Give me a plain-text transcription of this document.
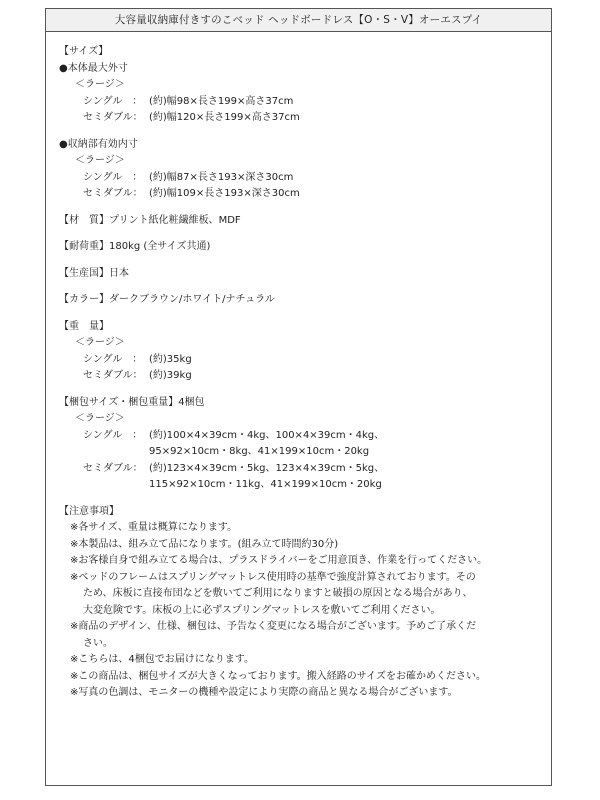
大容量収納庫付きすのこベッド ヘッドボードレス【O・S・V】オーエスプイ
【サイズ】
●本体最大外寸
＜ラージ＞
シングル　： (約)幅98×長さ199×高さ37cm
セミダブル： (約)幅120×長さ199×高さ37cm
●収納部有効内寸
＜ラージ＞
シングル　： (約)幅87×長さ193×深さ30cm
セミダブル： (約)幅109×長さ193×深さ30cm
【材　質】プリント紙化粧繊維板、MDF
【耐荷重】180kg (全サイズ共通)
【生産国】日本
【カラー】ダークブラウン/ホワイト/ナチュラル
【重　量】
＜ラージ＞
シングル　： (約)35kg
セミダブル： (約)39kg
【梱包サイズ・梱包重量】4梱包
＜ラージ＞
シングル　： (約)100×4×39cm・4kg、100×4×39cm・4kg、
95×92×10cm・8kg、41×199×10cm・20kg
セミダブル： (約)123×4×39cm・5kg、123×4×39cm・5kg、
115×92×10cm・11kg、41×199×10cm・20kg
【注意事項】
※各サイズ、重量は概算になります。
※本製品は、組み立て品になります。(組み立て時間約30分)
※お客様自身で組み立てる場合は、プラスドライバーをご用意頂き、作業を行ってください。
※ベッドのフレームはスプリングマットレス使用時の基準で強度計算されております。その
ため、床板に直接布団などを敷いてご利用になりますと破損の原因となる場合があり、
大変危険です。床板の上に必ずスプリングマットレスを敷いてご利用ください。
※商品のデザイン、仕様、梱包は、予告なく変更になる場合がございます。予めご了承くだ
さい。
※こちらは、4梱包でお届けになります。
※この商品は、梱包サイズが大きくなっております。搬入経路のサイズをお確かめください。
※写真の色調は、モニターの機種や設定により実際の商品と異なる場合がございます。
